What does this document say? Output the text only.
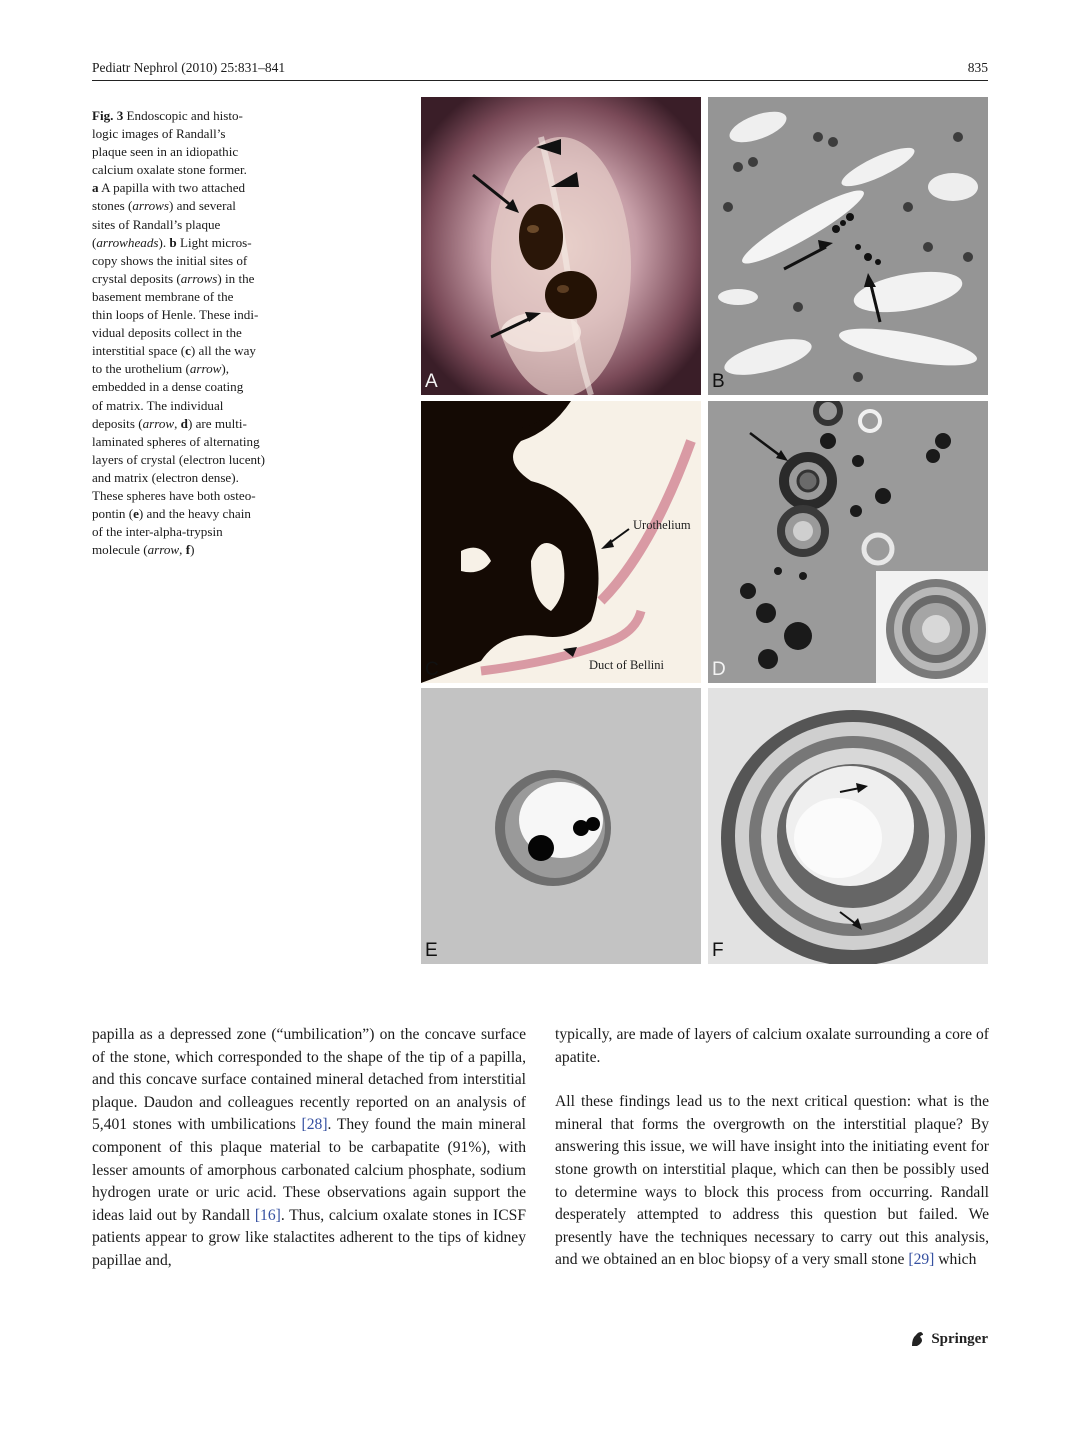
Pediatr Nephrol (2010) 25:831–841	835
Fig. 3 Endoscopic and histo-
logic images of Randall’s
plaque seen in an idiopathic
calcium oxalate stone former.
a A papilla with two attached
stones (arrows) and several
sites of Randall’s plaque
(arrowheads). b Light micros-
copy shows the initial sites of
crystal deposits (arrows) in the
basement membrane of the
thin loops of Henle. These indi-
vidual deposits collect in the
interstitial space (c) all the way
to the urothelium (arrow),
embedded in a dense coating
of matrix. The individual
deposits (arrow, d) are multi-
laminated spheres of alternating
layers of crystal (electron lucent)
and matrix (electron dense).
These spheres have both osteo-
pontin (e) and the heavy chain
of the inter-alpha-trypsin
molecule (arrow, f)
A	B
Urothelium
Duct of Bellini
C	D
E	F

papilla as a depressed zone (“umbilication”) on the concave surface of the stone, which corresponded to the shape of the tip of a papilla, and this concave surface contained mineral detached from interstitial plaque. Daudon and colleagues recently reported on an analysis of 5,401 stones with umbilications [28]. They found the main mineral component of this plaque material to be carbapatite (91%), with lesser amounts of amorphous carbonated calcium phosphate, sodium hydrogen urate or uric acid. These observations again support the ideas laid out by Randall [16]. Thus, calcium oxalate stones in ICSF patients appear to grow like stalactites adherent to the tips of kidney papillae and,

typically, are made of layers of calcium oxalate surrounding a core of apatite.

All these findings lead us to the next critical question: what is the mineral that forms the overgrowth on the interstitial plaque? By answering this issue, we will have insight into the initiating event for stone growth on interstitial plaque, which can then be possibly used to determine ways to block this process from occurring. Randall desperately attempted to address this question but failed. We presently have the techniques necessary to carry out this analysis, and we obtained an en bloc biopsy of a very small stone [29] which

Springer
